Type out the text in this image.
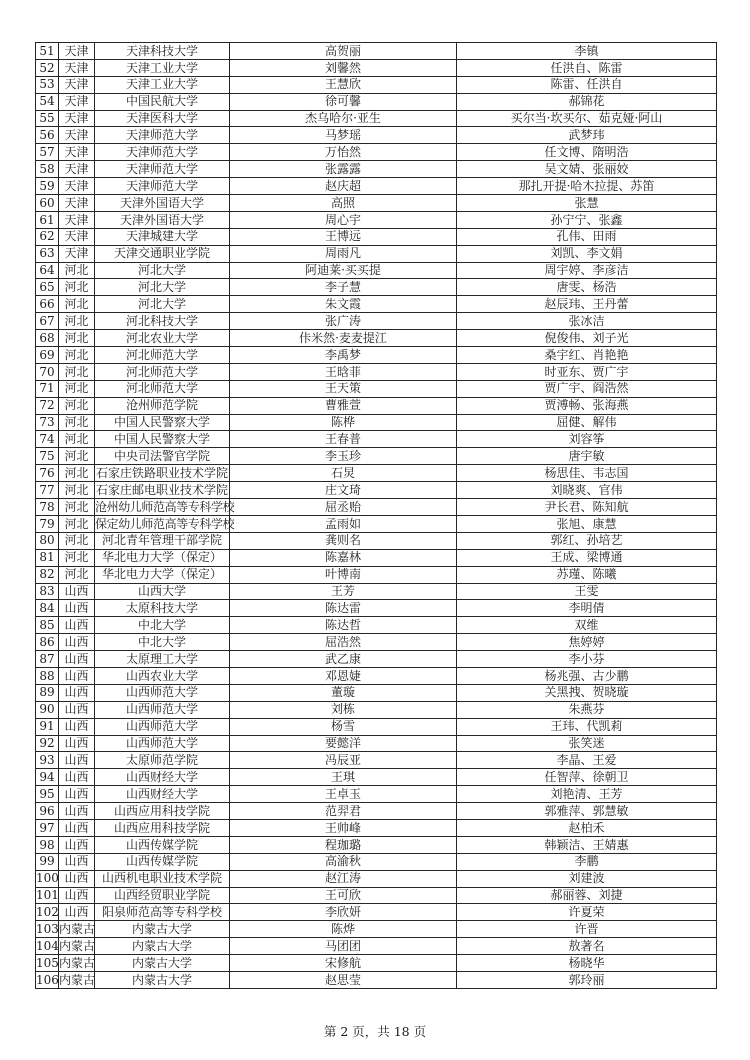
51	天津	天津科技大学	高贺丽	李镇
52	天津	天津工业大学	刘馨然	任洪自、陈雷
53	天津	天津工业大学	王慧欣	陈雷、任洪自
54	天津	中国民航大学	徐可馨	郝锦花
55	天津	天津医科大学	杰乌哈尔·亚生	买尔当·坎买尔、茹克娅·阿山
56	天津	天津师范大学	马梦瑶	武梦玮
57	天津	天津师范大学	万怡然	任文博、隋明浩
58	天津	天津师范大学	张露露	吴文婧、张丽姣
59	天津	天津师范大学	赵庆超	那扎开提·哈木拉提、苏笛
60	天津	天津外国语大学	高照	张慧
61	天津	天津外国语大学	周心宇	孙宁宁、张鑫
62	天津	天津城建大学	王博远	孔伟、田雨
63	天津	天津交通职业学院	周雨凡	刘凯、李文娟
64	河北	河北大学	阿迪莱·买买提	周宇婷、李彦洁
65	河北	河北大学	李子慧	唐雯、杨浩
66	河北	河北大学	朱文霞	赵辰玮、王丹蕾
67	河北	河北科技大学	张广涛	张冰洁
68	河北	河北农业大学	佧米然·麦麦提江	倪俊伟、刘子光
69	河北	河北师范大学	李禹梦	桑宇红、肖艳艳
70	河北	河北师范大学	王晗菲	时亚东、贾广宇
71	河北	河北师范大学	王天策	贾广宇、阎浩然
72	河北	沧州师范学院	曹雅萱	贾溥畅、张海燕
73	河北	中国人民警察大学	陈桦	屈健、解伟
74	河北	中国人民警察大学	王春普	刘容筝
75	河北	中央司法警官学院	李玉珍	唐宇敏
76	河北	石家庄铁路职业技术学院	石炅	杨思佳、韦志国
77	河北	石家庄邮电职业技术学院	庄文琦	刘晓爽、官伟
78	河北	沧州幼儿师范高等专科学校	屈丞贻	尹长君、陈知航
79	河北	保定幼儿师范高等专科学校	孟雨如	张旭、康慧
80	河北	河北青年管理干部学院	龚则名	郭红、孙培艺
81	河北	华北电力大学（保定）	陈嘉林	王成、梁博通
82	河北	华北电力大学（保定）	叶博南	苏瑾、陈曦
83	山西	山西大学	王芳	王雯
84	山西	太原科技大学	陈达雷	李明倩
85	山西	中北大学	陈达哲	双维
86	山西	中北大学	屈浩然	焦婷婷
87	山西	太原理工大学	武乙康	李小芬
88	山西	山西农业大学	邓恩婕	杨兆强、古少鹏
89	山西	山西师范大学	董璇	关黑拽、贺晓璇
90	山西	山西师范大学	刘栋	朱燕芬
91	山西	山西师范大学	杨雪	王玮、代凯莉
92	山西	山西师范大学	要懿洋	张笑迷
93	山西	太原师范学院	冯辰亚	李晶、王爱
94	山西	山西财经大学	王琪	任智萍、徐朝卫
95	山西	山西财经大学	王卓玉	刘艳清、王芳
96	山西	山西应用科技学院	范羿君	郭雅萍、郭慧敏
97	山西	山西应用科技学院	王帅峰	赵柏禾
98	山西	山西传媒学院	程珈璐	韩颖洁、王婧惠
99	山西	山西传媒学院	高渝秋	李鹏
100	山西	山西机电职业技术学院	赵江涛	刘建波
101	山西	山西经贸职业学院	王可欣	郝丽蓉、刘捷
102	山西	阳泉师范高等专科学校	李欣妍	许夏荣
103	内蒙古	内蒙古大学	陈烨	许晋
104	内蒙古	内蒙古大学	马团团	敖著名
105	内蒙古	内蒙古大学	宋修航	杨晓华
106	内蒙古	内蒙古大学	赵思莹	郭玲丽
第 2 页，共 18 页
